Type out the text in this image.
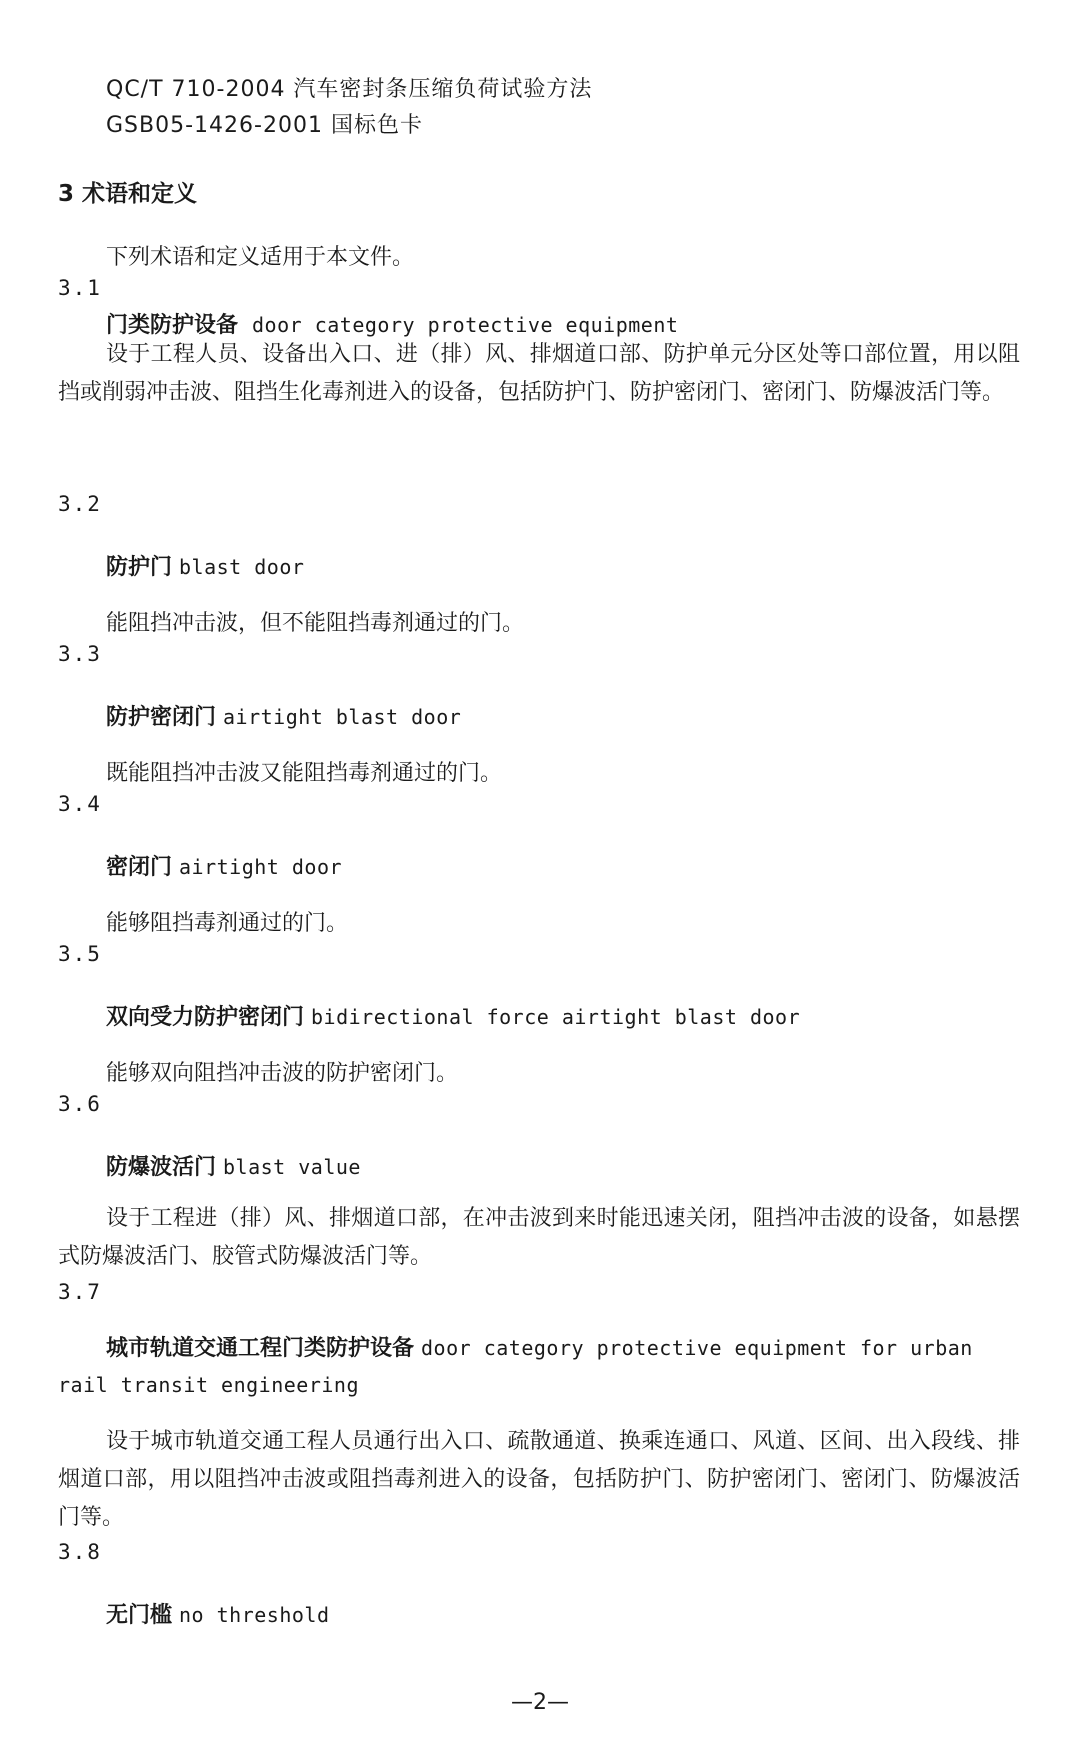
QC/T 710-2004 汽车密封条压缩负荷试验方法
GSB05-1426-2001 国标色卡
3 术语和定义
下列术语和定义适用于本文件。
3.1
门类防护设备 door category protective equipment
设于工程人员、设备出入口、进（排）风、排烟道口部、防护单元分区处等口部位置，用以阻挡或削弱冲击波、阻挡生化毒剂进入的设备，包括防护门、防护密闭门、密闭门、防爆波活门等。
3.2
防护门 blast door
能阻挡冲击波，但不能阻挡毒剂通过的门。
3.3
防护密闭门 airtight blast door
既能阻挡冲击波又能阻挡毒剂通过的门。
3.4
密闭门 airtight door
能够阻挡毒剂通过的门。
3.5
双向受力防护密闭门 bidirectional force airtight blast door
能够双向阻挡冲击波的防护密闭门。
3.6
防爆波活门 blast value
设于工程进（排）风、排烟道口部，在冲击波到来时能迅速关闭，阻挡冲击波的设备，如悬摆式防爆波活门、胶管式防爆波活门等。
3.7
城市轨道交通工程门类防护设备 door category protective equipment for urban rail transit engineering
设于城市轨道交通工程人员通行出入口、疏散通道、换乘连通口、风道、区间、出入段线、排烟道口部，用以阻挡冲击波或阻挡毒剂进入的设备，包括防护门、防护密闭门、密闭门、防爆波活门等。
3.8
无门槛 no threshold
—2—
